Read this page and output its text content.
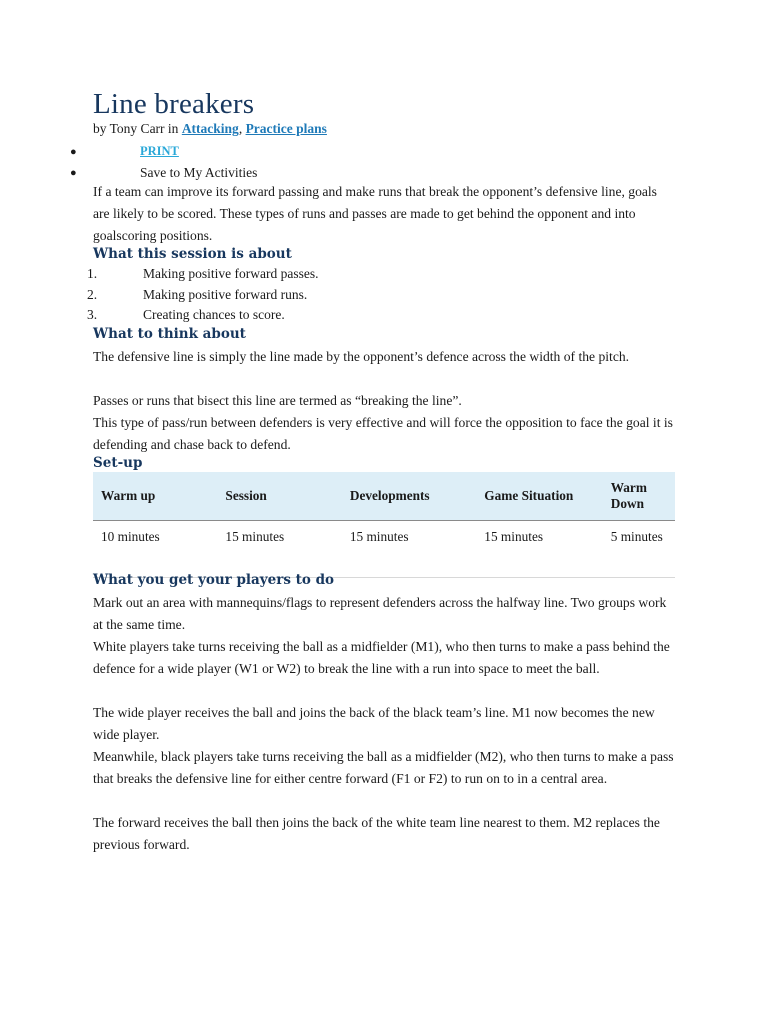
Line breakers
by Tony Carr in Attacking, Practice plans
●	PRINT
●	Save to My Activities

If a team can improve its forward passing and make runs that break the opponent’s defensive line, goals are likely to be scored. These types of runs and passes are made to get behind the opponent and into goalscoring positions.

What this session is about
1.	Making positive forward passes.
2.	Making positive forward runs.
3.	Creating chances to score.
What to think about

The defensive line is simply the line made by the opponent’s defence across the width of the pitch.

Passes or runs that bisect this line are termed as “breaking the line”.

This type of pass/run between defenders is very effective and will force the opposition to face the goal it is defending and chase back to defend.

Set-up
Warm up	Session	Developments	Game Situation	Warm Down
10 minutes	15 minutes	15 minutes	15 minutes	5 minutes
What you get your players to do

Mark out an area with mannequins/flags to represent defenders across the halfway line. Two groups work at the same time.

White players take turns receiving the ball as a midfielder (M1), who then turns to make a pass behind the defence for a wide player (W1 or W2) to break the line with a run into space to meet the ball.

The wide player receives the ball and joins the back of the black team’s line. M1 now becomes the new wide player.

Meanwhile, black players take turns receiving the ball as a midfielder (M2), who then turns to make a pass that breaks the defensive line for either centre forward (F1 or F2) to run on to in a central area.

The forward receives the ball then joins the back of the white team line nearest to them. M2 replaces the previous forward.
